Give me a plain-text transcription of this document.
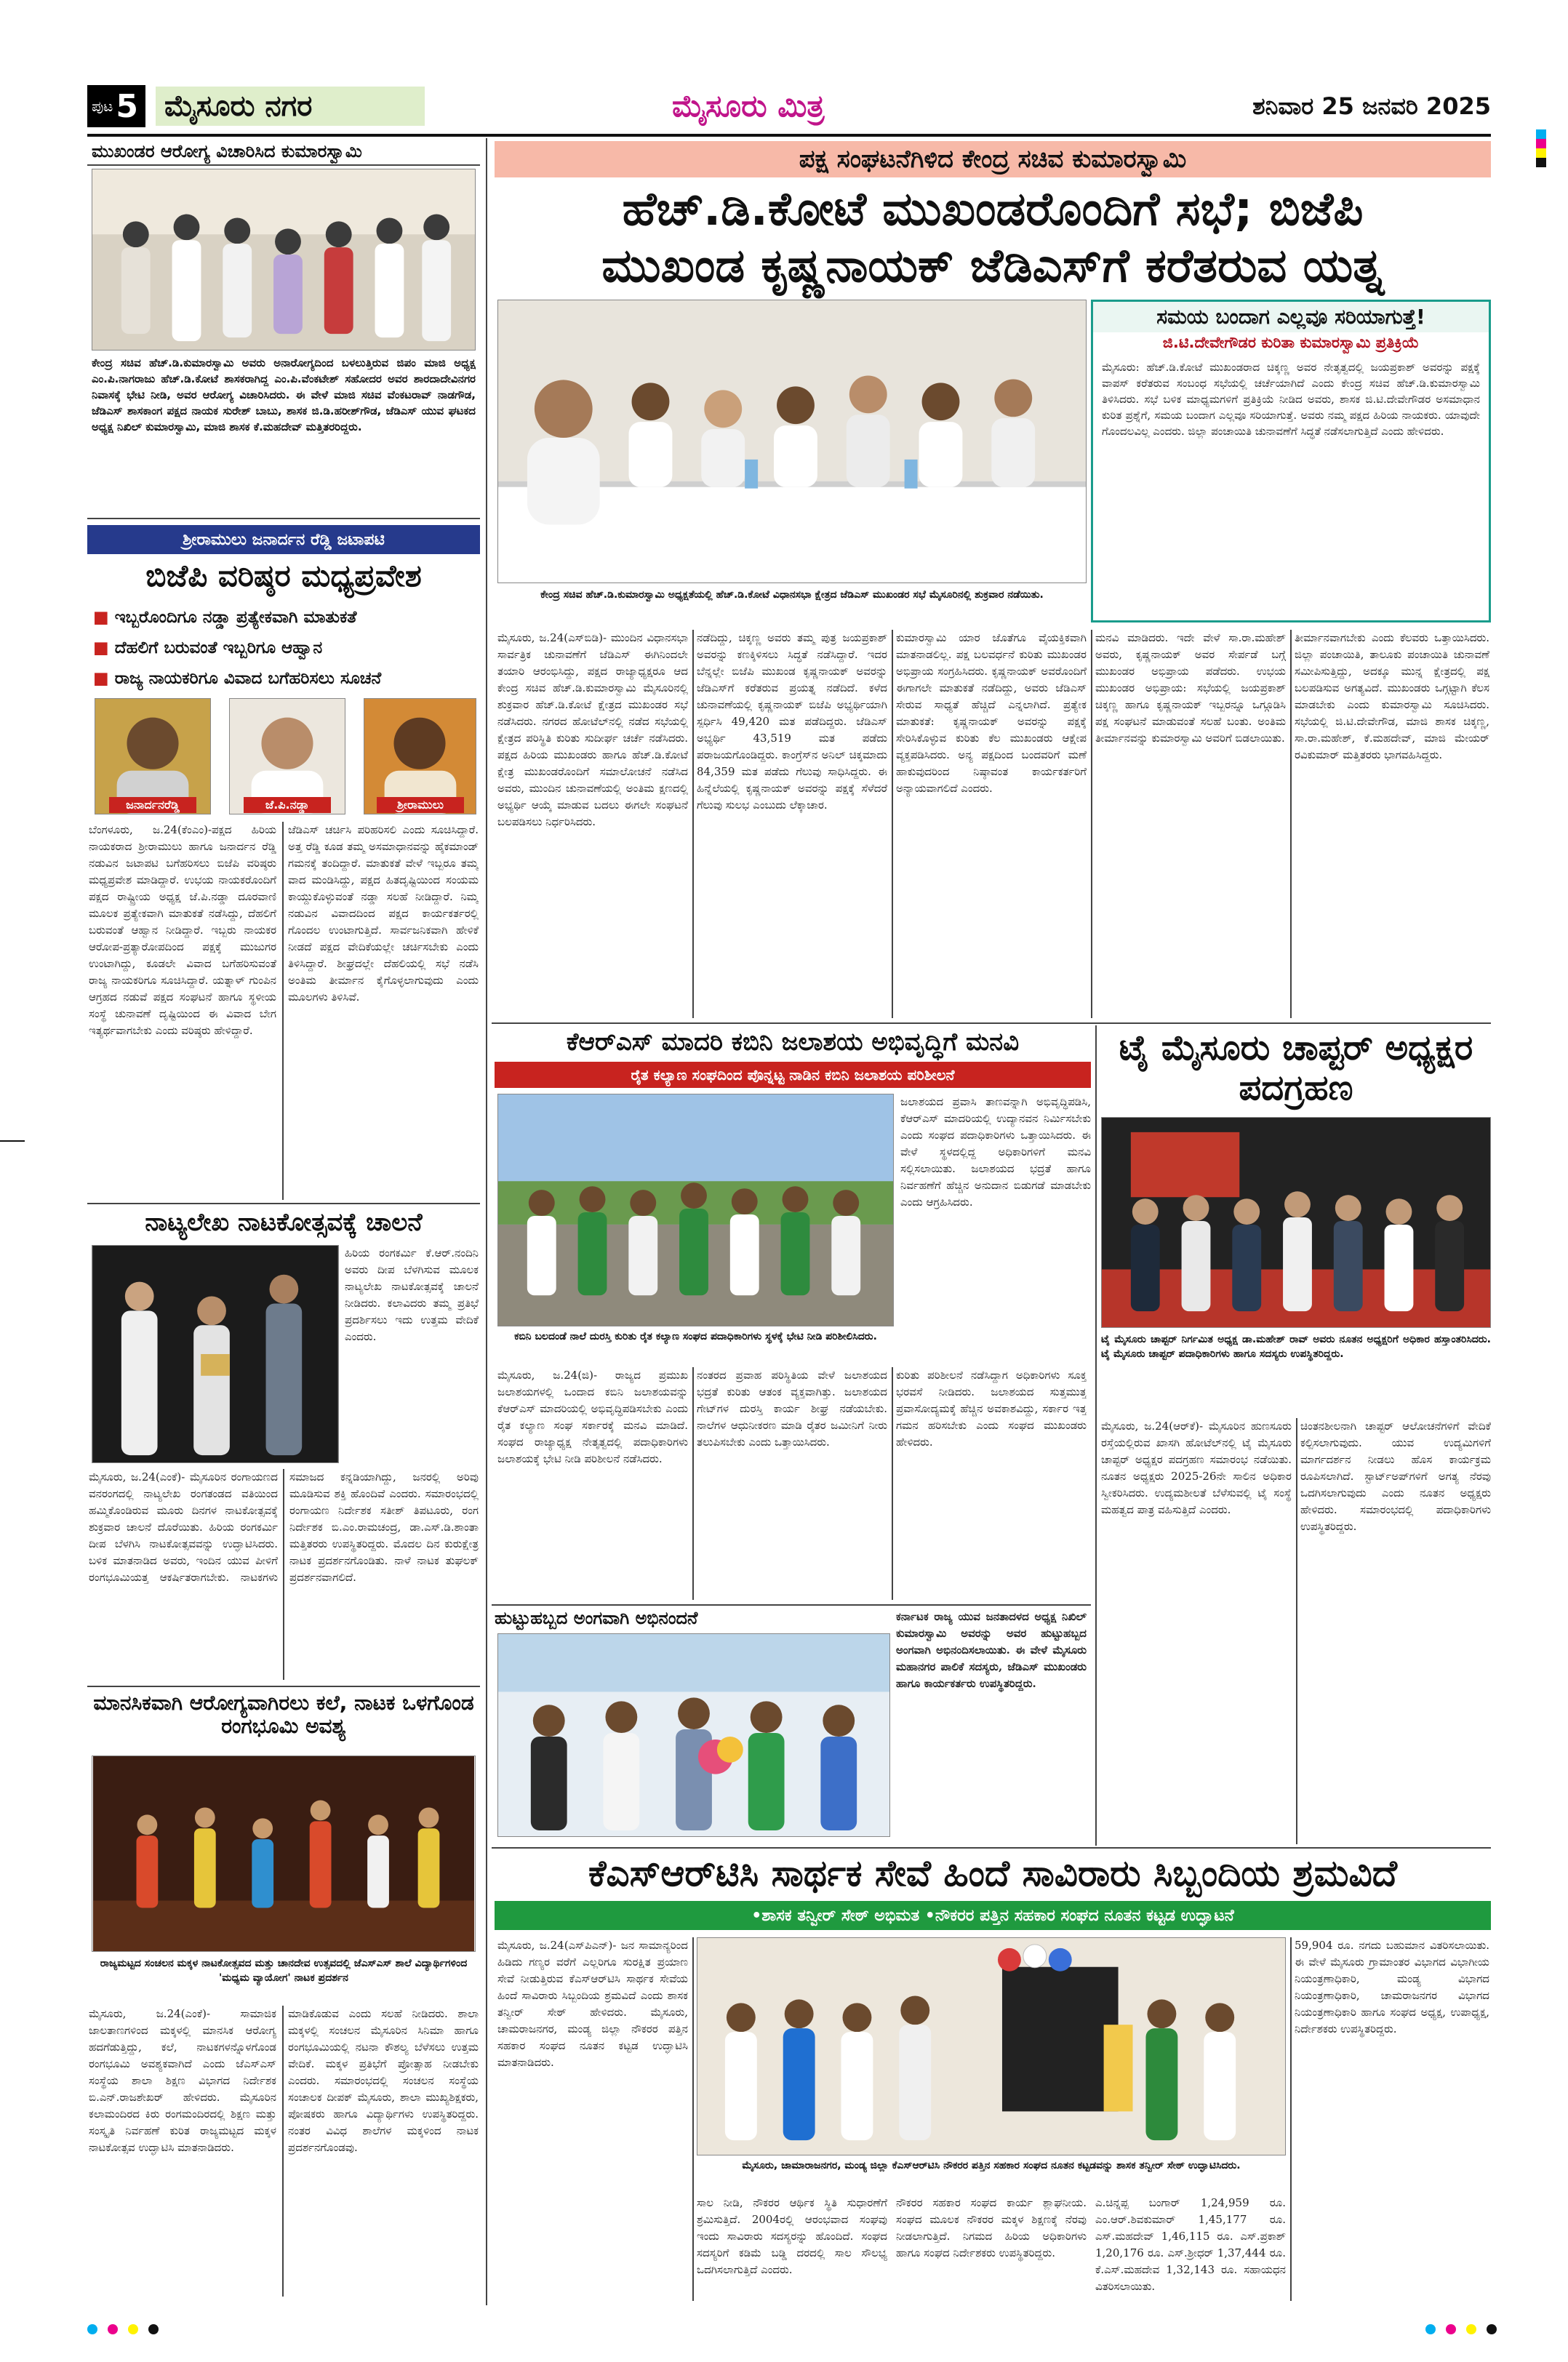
ಪುಟ 5 ಮೈಸೂರು ನಗರ	ಮೈಸೂರು ಮಿತ್ರ	ಶನಿವಾರ 25 ಜನವರಿ 2025
ಮುಖಂಡರ ಆರೋಗ್ಯ ವಿಚಾರಿಸಿದ ಕುಮಾರಸ್ವಾಮಿ
ಕೇಂದ್ರ ಸಚಿವ ಹೆಚ್.ಡಿ.ಕುಮಾರಸ್ವಾಮಿ ಅವರು ಅನಾರೋಗ್ಯದಿಂದ ಬಳಲುತ್ತಿರುವ ಜಿಪಂ ಮಾಜಿ ಅಧ್ಯಕ್ಷ ಎಂ.ಪಿ.ನಾಗರಾಜು ಹೆಚ್.ಡಿ.ಕೋಟೆ ಶಾಸಕರಾಗಿದ್ದ ಎಂ.ಪಿ.ವೆಂಕಟೇಶ್ ಸಹೋದರ ಅವರ ಶಾರದಾದೇವಿನಗರ ನಿವಾಸಕ್ಕೆ ಭೇಟಿ ನೀಡಿ, ಅವರ ಆರೋಗ್ಯ ವಿಚಾರಿಸಿದರು. ಈ ವೇಳೆ ಮಾಜಿ ಸಚಿವ ವೆಂಕಟರಾವ್ ನಾಡಗೌಡ, ಜೆಡಿಎಸ್ ಶಾಸಕಾಂಗ ಪಕ್ಷದ ನಾಯಕ ಸುರೇಶ್ ಬಾಬು, ಶಾಸಕ ಜಿ.ಡಿ.ಹರೀಶ್‌ಗೌಡ, ಜೆಡಿಎಸ್ ಯುವ ಘಟಕದ ಅಧ್ಯಕ್ಷ ನಿಖಿಲ್ ಕುಮಾರಸ್ವಾಮಿ, ಮಾಜಿ ಶಾಸಕ ಕೆ.ಮಹದೇವ್ ಮತ್ತಿತರರಿದ್ದರು.
ಶ್ರೀರಾಮುಲು ಜನಾರ್ದನ ರೆಡ್ಡಿ ಜಟಾಪಟಿ
ಬಿಜೆಪಿ ವರಿಷ್ಠರ ಮಧ್ಯಪ್ರವೇಶ
■ ಇಬ್ಬರೊಂದಿಗೂ ನಡ್ಡಾ ಪ್ರತ್ಯೇಕವಾಗಿ ಮಾತುಕತೆ
■ ದೆಹಲಿಗೆ ಬರುವಂತೆ ಇಬ್ಬರಿಗೂ ಆಹ್ವಾನ
■ ರಾಜ್ಯ ನಾಯಕರಿಗೂ ವಿವಾದ ಬಗೆಹರಿಸಲು ಸೂಚನೆ
ಜನಾರ್ದನರೆಡ್ಡಿ	ಜೆ.ಪಿ.ನಡ್ಡಾ	ಶ್ರೀರಾಮುಲು
ಬೆಂಗಳೂರು, ಜ.24(ಕೆಂಎಂ)-ಪಕ್ಷದ ಹಿರಿಯ ನಾಯಕರಾದ ಶ್ರೀರಾಮುಲು ಹಾಗೂ ಜನಾರ್ದನ ರೆಡ್ಡಿ ನಡುವಿನ ಜಟಾಪಟಿ ಬಗೆಹರಿಸಲು ಬಿಜೆಪಿ ವರಿಷ್ಠರು ಮಧ್ಯಪ್ರವೇಶ ಮಾಡಿದ್ದಾರೆ. ಉಭಯ ನಾಯಕರೊಂದಿಗೆ ಪಕ್ಷದ ರಾಷ್ಟ್ರೀಯ ಅಧ್ಯಕ್ಷ ಜೆ.ಪಿ.ನಡ್ಡಾ ದೂರವಾಣಿ ಮೂಲಕ ಪ್ರತ್ಯೇಕವಾಗಿ ಮಾತುಕತೆ ನಡೆಸಿದ್ದು, ದೆಹಲಿಗೆ ಬರುವಂತೆ ಆಹ್ವಾನ ನೀಡಿದ್ದಾರೆ. ಇಬ್ಬರು ನಾಯಕರ ಆರೋಪ-ಪ್ರತ್ಯಾರೋಪದಿಂದ ಪಕ್ಷಕ್ಕೆ ಮುಜುಗರ ಉಂಟಾಗಿದ್ದು, ಕೂಡಲೇ ವಿವಾದ ಬಗೆಹರಿಸುವಂತೆ ರಾಜ್ಯ ನಾಯಕರಿಗೂ ಸೂಚಿಸಿದ್ದಾರೆ. ಯತ್ನಾಳ್ ಗುಂಪಿನ ಆಗ್ರಹದ ನಡುವೆ ಪಕ್ಷದ ಸಂಘಟನೆ ಹಾಗೂ ಸ್ಥಳೀಯ ಸಂಸ್ಥೆ ಚುನಾವಣೆ ದೃಷ್ಟಿಯಿಂದ ಈ ವಿವಾದ ಬೇಗ ಇತ್ಯರ್ಥವಾಗಬೇಕು ಎಂದು ವರಿಷ್ಠರು ಹೇಳಿದ್ದಾರೆ.
ಜೆಡಿಎಸ್ ಚರ್ಚಿಸಿ ಪರಿಹರಿಸಲಿ ಎಂದು ಸೂಚಿಸಿದ್ದಾರೆ. ಅತ್ತ ರೆಡ್ಡಿ ಕೂಡ ತಮ್ಮ ಅಸಮಾಧಾನವನ್ನು ಹೈಕಮಾಂಡ್ ಗಮನಕ್ಕೆ ತಂದಿದ್ದಾರೆ. ಮಾತುಕತೆ ವೇಳೆ ಇಬ್ಬರೂ ತಮ್ಮ ವಾದ ಮಂಡಿಸಿದ್ದು, ಪಕ್ಷದ ಹಿತದೃಷ್ಟಿಯಿಂದ ಸಂಯಮ ಕಾಯ್ದುಕೊಳ್ಳುವಂತೆ ನಡ್ಡಾ ಸಲಹೆ ನೀಡಿದ್ದಾರೆ. ನಿಮ್ಮ ನಡುವಿನ ವಿವಾದದಿಂದ ಪಕ್ಷದ ಕಾರ್ಯಕರ್ತರಲ್ಲಿ ಗೊಂದಲ ಉಂಟಾಗುತ್ತಿದೆ. ಸಾರ್ವಜನಿಕವಾಗಿ ಹೇಳಿಕೆ ನೀಡದೆ ಪಕ್ಷದ ವೇದಿಕೆಯಲ್ಲೇ ಚರ್ಚಿಸಬೇಕು ಎಂದು ತಿಳಿಸಿದ್ದಾರೆ. ಶೀಘ್ರದಲ್ಲೇ ದೆಹಲಿಯಲ್ಲಿ ಸಭೆ ನಡೆಸಿ ಅಂತಿಮ ತೀರ್ಮಾನ ಕೈಗೊಳ್ಳಲಾಗುವುದು ಎಂದು ಮೂಲಗಳು ತಿಳಿಸಿವೆ.
ನಾಟ್ಯಲೇಖ ನಾಟಕೋತ್ಸವಕ್ಕೆ ಚಾಲನೆ
ಹಿರಿಯ ರಂಗಕರ್ಮಿ ಕೆ.ಆರ್.ನಂದಿನಿ ಅವರು ದೀಪ ಬೆಳಗಿಸುವ ಮೂಲಕ ನಾಟ್ಯಲೇಖ ನಾಟಕೋತ್ಸವಕ್ಕೆ ಚಾಲನೆ ನೀಡಿದರು. ಕಲಾವಿದರು ತಮ್ಮ ಪ್ರತಿಭೆ ಪ್ರದರ್ಶಿಸಲು ಇದು ಉತ್ತಮ ವೇದಿಕೆ ಎಂದರು.
ಮೈಸೂರು, ಜ.24(ಎಂಕೆ)- ಮೈಸೂರಿನ ರಂಗಾಯಣದ ವನರಂಗದಲ್ಲಿ ನಾಟ್ಯಲೇಖ ರಂಗತಂಡದ ವತಿಯಿಂದ ಹಮ್ಮಿಕೊಂಡಿರುವ ಮೂರು ದಿನಗಳ ನಾಟಕೋತ್ಸವಕ್ಕೆ ಶುಕ್ರವಾರ ಚಾಲನೆ ದೊರೆಯಿತು. ಹಿರಿಯ ರಂಗಕರ್ಮಿ ದೀಪ ಬೆಳಗಿಸಿ ನಾಟಕೋತ್ಸವವನ್ನು ಉದ್ಘಾಟಿಸಿದರು. ಬಳಿಕ ಮಾತನಾಡಿದ ಅವರು, ಇಂದಿನ ಯುವ ಪೀಳಿಗೆ ರಂಗಭೂಮಿಯತ್ತ ಆಕರ್ಷಿತರಾಗಬೇಕು. ನಾಟಕಗಳು ಸಮಾಜದ ಕನ್ನಡಿಯಾಗಿದ್ದು, ಜನರಲ್ಲಿ ಅರಿವು ಮೂಡಿಸುವ ಶಕ್ತಿ ಹೊಂದಿವೆ ಎಂದರು. ಸಮಾರಂಭದಲ್ಲಿ ರಂಗಾಯಣ ನಿರ್ದೇಶಕ ಸತೀಶ್ ತಿಪಟೂರು, ರಂಗ ನಿರ್ದೇಶಕ ಬಿ.ಎಂ.ರಾಮಚಂದ್ರ, ಡಾ.ಎಸ್.ಡಿ.ಶಾಂತಾ ಮತ್ತಿತರರು ಉಪಸ್ಥಿತರಿದ್ದರು. ಮೊದಲ ದಿನ ಕುರುಕ್ಷೇತ್ರ ನಾಟಕ ಪ್ರದರ್ಶನಗೊಂಡಿತು. ನಾಳೆ ನಾಟಕ ತುಘಲಕ್ ಪ್ರದರ್ಶನವಾಗಲಿದೆ.
ಮಾನಸಿಕವಾಗಿ ಆರೋಗ್ಯವಾಗಿರಲು ಕಲೆ, ನಾಟಕ ಒಳಗೊಂಡ ರಂಗಭೂಮಿ ಅವಶ್ಯ
ರಾಜ್ಯಮಟ್ಟದ ಸಂಚಲನ ಮಕ್ಕಳ ನಾಟಕೋತ್ಸವದ ಮತ್ತು ಚಾನದೇವ ಉತ್ಸವದಲ್ಲಿ ಜೆಎಸ್ಎಸ್ ಶಾಲೆ ವಿದ್ಯಾರ್ಥಿಗಳಿಂದ 'ಮಧ್ಯಮ ವ್ಯಾಯೋಗ' ನಾಟಕ ಪ್ರದರ್ಶನ
ಮೈಸೂರು, ಜ.24(ಎಂಕೆ)- ಸಾಮಾಜಿಕ ಜಾಲತಾಣಗಳಿಂದ ಮಕ್ಕಳಲ್ಲಿ ಮಾನಸಿಕ ಆರೋಗ್ಯ ಹದಗೆಡುತ್ತಿದ್ದು, ಕಲೆ, ನಾಟಕಗಳನ್ನೊಳಗೊಂಡ ರಂಗಭೂಮಿ ಅವಶ್ಯಕವಾಗಿದೆ ಎಂದು ಜೆಎಸ್ಎಸ್ ಸಂಸ್ಥೆಯ ಶಾಲಾ ಶಿಕ್ಷಣ ವಿಭಾಗದ ನಿರ್ದೇಶಕ ಬಿ.ಎನ್.ರಾಜಶೇಖರ್ ಹೇಳಿದರು. ಮೈಸೂರಿನ ಕಲಾಮಂದಿರದ ಕಿರು ರಂಗಮಂದಿರದಲ್ಲಿ ಶಿಕ್ಷಣ ಮತ್ತು ಸಂಸ್ಕೃತಿ ನಿರ್ವಹಣೆ ಕುರಿತ ರಾಜ್ಯಮಟ್ಟದ ಮಕ್ಕಳ ನಾಟಕೋತ್ಸವ ಉದ್ಘಾಟಿಸಿ ಮಾತನಾಡಿದರು.
ಮಾಡಿಕೊಡುವ ಎಂದು ಸಲಹೆ ನೀಡಿದರು. ಶಾಲಾ ಮಕ್ಕಳಲ್ಲಿ ಸಂಚಲನ ಮೈಸೂರಿನ ಸಿನಿಮಾ ಹಾಗೂ ರಂಗಭೂಮಿಯಲ್ಲಿ ನಟನಾ ಕೌಶಲ್ಯ ಬೆಳೆಸಲು ಉತ್ತಮ ವೇದಿಕೆ. ಮಕ್ಕಳ ಪ್ರತಿಭೆಗೆ ಪ್ರೋತ್ಸಾಹ ನೀಡಬೇಕು ಎಂದರು. ಸಮಾರಂಭದಲ್ಲಿ ಸಂಚಲನ ಸಂಸ್ಥೆಯ ಸಂಚಾಲಕ ದೀಪಕ್ ಮೈಸೂರು, ಶಾಲಾ ಮುಖ್ಯಶಿಕ್ಷಕರು, ಪೋಷಕರು ಹಾಗೂ ವಿದ್ಯಾರ್ಥಿಗಳು ಉಪಸ್ಥಿತರಿದ್ದರು. ನಂತರ ವಿವಿಧ ಶಾಲೆಗಳ ಮಕ್ಕಳಿಂದ ನಾಟಕ ಪ್ರದರ್ಶನಗೊಂಡವು.
ಪಕ್ಷ ಸಂಘಟನೆಗಿಳಿದ ಕೇಂದ್ರ ಸಚಿವ ಕುಮಾರಸ್ವಾಮಿ
ಹೆಚ್.ಡಿ.ಕೋಟೆ ಮುಖಂಡರೊಂದಿಗೆ ಸಭೆ; ಬಿಜೆಪಿ
ಮುಖಂಡ ಕೃಷ್ಣನಾಯಕ್ ಜೆಡಿಎಸ್‌ಗೆ ಕರೆತರುವ ಯತ್ನ
ಕೇಂದ್ರ ಸಚಿವ ಹೆಚ್.ಡಿ.ಕುಮಾರಸ್ವಾಮಿ ಅಧ್ಯಕ್ಷತೆಯಲ್ಲಿ ಹೆಚ್.ಡಿ.ಕೋಟೆ ವಿಧಾನಸಭಾ ಕ್ಷೇತ್ರದ ಜೆಡಿಎಸ್ ಮುಖಂಡರ ಸಭೆ ಮೈಸೂರಿನಲ್ಲಿ ಶುಕ್ರವಾರ ನಡೆಯಿತು.
ಸಮಯ ಬಂದಾಗ ಎಲ್ಲವೂ ಸರಿಯಾಗುತ್ತೆ!
ಜಿ.ಟಿ.ದೇವೇಗೌಡರ ಕುರಿತಾ ಕುಮಾರಸ್ವಾಮಿ ಪ್ರತಿಕ್ರಿಯೆ
ಮೈಸೂರು: ಹೆಚ್.ಡಿ.ಕೋಟೆ ಮುಖಂಡರಾದ ಚಿಕ್ಕಣ್ಣ ಅವರ ನೇತೃತ್ವದಲ್ಲಿ ಜಯಪ್ರಕಾಶ್ ಅವರನ್ನು ಪಕ್ಷಕ್ಕೆ ವಾಪಸ್ ಕರೆತರುವ ಸಂಬಂಧ ಸಭೆಯಲ್ಲಿ ಚರ್ಚೆಯಾಗಿದೆ ಎಂದು ಕೇಂದ್ರ ಸಚಿವ ಹೆಚ್.ಡಿ.ಕುಮಾರಸ್ವಾಮಿ ತಿಳಿಸಿದರು. ಸಭೆ ಬಳಿಕ ಮಾಧ್ಯಮಗಳಿಗೆ ಪ್ರತಿಕ್ರಿಯೆ ನೀಡಿದ ಅವರು, ಶಾಸಕ ಜಿ.ಟಿ.ದೇವೇಗೌಡರ ಅಸಮಾಧಾನ ಕುರಿತ ಪ್ರಶ್ನೆಗೆ, ಸಮಯ ಬಂದಾಗ ಎಲ್ಲವೂ ಸರಿಯಾಗುತ್ತೆ. ಅವರು ನಮ್ಮ ಪಕ್ಷದ ಹಿರಿಯ ನಾಯಕರು. ಯಾವುದೇ ಗೊಂದಲವಿಲ್ಲ ಎಂದರು. ಜಿಲ್ಲಾ ಪಂಚಾಯಿತಿ ಚುನಾವಣೆಗೆ ಸಿದ್ಧತೆ ನಡೆಸಲಾಗುತ್ತಿದೆ ಎಂದು ಹೇಳಿದರು.
ಮೈಸೂರು, ಜ.24(ಎಸ್‌ಬಿಡಿ)- ಮುಂದಿನ ವಿಧಾನಸಭಾ ಸಾರ್ವತ್ರಿಕ ಚುನಾವಣೆಗೆ ಜೆಡಿಎಸ್ ಈಗಿನಿಂದಲೇ ತಯಾರಿ ಆರಂಭಿಸಿದ್ದು, ಪಕ್ಷದ ರಾಜ್ಯಾಧ್ಯಕ್ಷರೂ ಆದ ಕೇಂದ್ರ ಸಚಿವ ಹೆಚ್.ಡಿ.ಕುಮಾರಸ್ವಾಮಿ ಮೈಸೂರಿನಲ್ಲಿ ಶುಕ್ರವಾರ ಹೆಚ್.ಡಿ.ಕೋಟೆ ಕ್ಷೇತ್ರದ ಮುಖಂಡರ ಸಭೆ ನಡೆಸಿದರು. ನಗರದ ಹೋಟೆಲ್‌ನಲ್ಲಿ ನಡೆದ ಸಭೆಯಲ್ಲಿ ಕ್ಷೇತ್ರದ ಪರಿಸ್ಥಿತಿ ಕುರಿತು ಸುದೀರ್ಘ ಚರ್ಚೆ ನಡೆಸಿದರು. ಪಕ್ಷದ ಹಿರಿಯ ಮುಖಂಡರು ಹಾಗೂ ಹೆಚ್.ಡಿ.ಕೋಟೆ ಕ್ಷೇತ್ರ ಮುಖಂಡರೊಂದಿಗೆ ಸಮಾಲೋಚನೆ ನಡೆಸಿದ ಅವರು, ಮುಂದಿನ ಚುನಾವಣೆಯಲ್ಲಿ ಅಂತಿಮ ಕ್ಷಣದಲ್ಲಿ ಅಭ್ಯರ್ಥಿ ಆಯ್ಕೆ ಮಾಡುವ ಬದಲು ಈಗಲೇ ಸಂಘಟನೆ ಬಲಪಡಿಸಲು ನಿರ್ಧರಿಸಿದರು.
ನಡೆದಿದ್ದು, ಚಿಕ್ಕಣ್ಣ ಅವರು ತಮ್ಮ ಪುತ್ರ ಜಯಪ್ರಕಾಶ್ ಅವರನ್ನು ಕಣಕ್ಕಿಳಿಸಲು ಸಿದ್ಧತೆ ನಡೆಸಿದ್ದಾರೆ. ಇದರ ಬೆನ್ನಲ್ಲೇ ಬಿಜೆಪಿ ಮುಖಂಡ ಕೃಷ್ಣನಾಯಕ್ ಅವರನ್ನು ಜೆಡಿಎಸ್‌ಗೆ ಕರೆತರುವ ಪ್ರಯತ್ನ ನಡೆದಿದೆ. ಕಳೆದ ಚುನಾವಣೆಯಲ್ಲಿ ಕೃಷ್ಣನಾಯಕ್ ಬಿಜೆಪಿ ಅಭ್ಯರ್ಥಿಯಾಗಿ ಸ್ಪರ್ಧಿಸಿ 49,420 ಮತ ಪಡೆದಿದ್ದರು. ಜೆಡಿಎಸ್ ಅಭ್ಯರ್ಥಿ 43,519 ಮತ ಪಡೆದು ಪರಾಜಯಗೊಂಡಿದ್ದರು. ಕಾಂಗ್ರೆಸ್‌ನ ಅನಿಲ್ ಚಿಕ್ಕಮಾದು 84,359 ಮತ ಪಡೆದು ಗೆಲುವು ಸಾಧಿಸಿದ್ದರು. ಈ ಹಿನ್ನೆಲೆಯಲ್ಲಿ ಕೃಷ್ಣನಾಯಕ್ ಅವರನ್ನು ಪಕ್ಷಕ್ಕೆ ಸೆಳೆದರೆ ಗೆಲುವು ಸುಲಭ ಎಂಬುದು ಲೆಕ್ಕಾಚಾರ.
ಕುಮಾರಸ್ವಾಮಿ ಯಾರ ಜೊತೆಗೂ ವೈಯಕ್ತಿಕವಾಗಿ ಮಾತನಾಡಲಿಲ್ಲ. ಪಕ್ಷ ಬಲವರ್ಧನೆ ಕುರಿತು ಮುಖಂಡರ ಅಭಿಪ್ರಾಯ ಸಂಗ್ರಹಿಸಿದರು. ಕೃಷ್ಣನಾಯಕ್ ಅವರೊಂದಿಗೆ ಈಗಾಗಲೇ ಮಾತುಕತೆ ನಡೆದಿದ್ದು, ಅವರು ಜೆಡಿಎಸ್ ಸೇರುವ ಸಾಧ್ಯತೆ ಹೆಚ್ಚಿದೆ ಎನ್ನಲಾಗಿದೆ. ಪ್ರತ್ಯೇಕ ಮಾತುಕತೆ: ಕೃಷ್ಣನಾಯಕ್ ಅವರನ್ನು ಪಕ್ಷಕ್ಕೆ ಸೇರಿಸಿಕೊಳ್ಳುವ ಕುರಿತು ಕೆಲ ಮುಖಂಡರು ಆಕ್ಷೇಪ ವ್ಯಕ್ತಪಡಿಸಿದರು. ಅನ್ಯ ಪಕ್ಷದಿಂದ ಬಂದವರಿಗೆ ಮಣೆ ಹಾಕುವುದರಿಂದ ನಿಷ್ಠಾವಂತ ಕಾರ್ಯಕರ್ತರಿಗೆ ಅನ್ಯಾಯವಾಗಲಿದೆ ಎಂದರು.
ಮನವಿ ಮಾಡಿದರು. ಇದೇ ವೇಳೆ ಸಾ.ರಾ.ಮಹೇಶ್ ಅವರು, ಕೃಷ್ಣನಾಯಕ್ ಅವರ ಸೇರ್ಪಡೆ ಬಗ್ಗೆ ಮುಖಂಡರ ಅಭಿಪ್ರಾಯ ಪಡೆದರು. ಉಭಯ ಮುಖಂಡರ ಅಭಿಪ್ರಾಯ: ಸಭೆಯಲ್ಲಿ ಜಯಪ್ರಕಾಶ್ ಚಿಕ್ಕಣ್ಣ ಹಾಗೂ ಕೃಷ್ಣನಾಯಕ್ ಇಬ್ಬರನ್ನೂ ಒಗ್ಗೂಡಿಸಿ ಪಕ್ಷ ಸಂಘಟನೆ ಮಾಡುವಂತೆ ಸಲಹೆ ಬಂತು. ಅಂತಿಮ ತೀರ್ಮಾನವನ್ನು ಕುಮಾರಸ್ವಾಮಿ ಅವರಿಗೆ ಬಿಡಲಾಯಿತು.
ತೀರ್ಮಾನವಾಗಬೇಕು ಎಂದು ಕೆಲವರು ಒತ್ತಾಯಿಸಿದರು. ಜಿಲ್ಲಾ ಪಂಚಾಯಿತಿ, ತಾಲೂಕು ಪಂಚಾಯಿತಿ ಚುನಾವಣೆ ಸಮೀಪಿಸುತ್ತಿದ್ದು, ಅದಕ್ಕೂ ಮುನ್ನ ಕ್ಷೇತ್ರದಲ್ಲಿ ಪಕ್ಷ ಬಲಪಡಿಸುವ ಅಗತ್ಯವಿದೆ. ಮುಖಂಡರು ಒಗ್ಗಟ್ಟಾಗಿ ಕೆಲಸ ಮಾಡಬೇಕು ಎಂದು ಕುಮಾರಸ್ವಾಮಿ ಸೂಚಿಸಿದರು. ಸಭೆಯಲ್ಲಿ ಜಿ.ಟಿ.ದೇವೇಗೌಡ, ಮಾಜಿ ಶಾಸಕ ಚಿಕ್ಕಣ್ಣ, ಸಾ.ರಾ.ಮಹೇಶ್, ಕೆ.ಮಹದೇವ್, ಮಾಜಿ ಮೇಯರ್ ರವಿಕುಮಾರ್ ಮತ್ತಿತರರು ಭಾಗವಹಿಸಿದ್ದರು.
ಕೆಆರ್‌ಎಸ್ ಮಾದರಿ ಕಬಿನಿ ಜಲಾಶಯ ಅಭಿವೃದ್ಧಿಗೆ ಮನವಿ
ರೈತ ಕಲ್ಯಾಣ ಸಂಘದಿಂದ ಪೊನ್ನಟ್ಟ ನಾಡಿನ ಕಬಿನಿ ಜಲಾಶಯ ಪರಿಶೀಲನೆ
ಕಬಿನಿ ಬಲದಂಡೆ ನಾಲೆ ದುರಸ್ತಿ ಕುರಿತು ರೈತ ಕಲ್ಯಾಣ ಸಂಘದ ಪದಾಧಿಕಾರಿಗಳು ಸ್ಥಳಕ್ಕೆ ಭೇಟಿ ನೀಡಿ ಪರಿಶೀಲಿಸಿದರು.
ಜಲಾಶಯದ ಪ್ರವಾಸಿ ತಾಣವನ್ನಾಗಿ ಅಭಿವೃದ್ಧಿಪಡಿಸಿ, ಕೆಆರ್‌ಎಸ್ ಮಾದರಿಯಲ್ಲಿ ಉದ್ಯಾನವನ ನಿರ್ಮಿಸಬೇಕು ಎಂದು ಸಂಘದ ಪದಾಧಿಕಾರಿಗಳು ಒತ್ತಾಯಿಸಿದರು. ಈ ವೇಳೆ ಸ್ಥಳದಲ್ಲಿದ್ದ ಅಧಿಕಾರಿಗಳಿಗೆ ಮನವಿ ಸಲ್ಲಿಸಲಾಯಿತು. ಜಲಾಶಯದ ಭದ್ರತೆ ಹಾಗೂ ನಿರ್ವಹಣೆಗೆ ಹೆಚ್ಚಿನ ಅನುದಾನ ಬಿಡುಗಡೆ ಮಾಡಬೇಕು ಎಂದು ಆಗ್ರಹಿಸಿದರು.
ಮೈಸೂರು, ಜ.24(ಜಿ)- ರಾಜ್ಯದ ಪ್ರಮುಖ ಜಲಾಶಯಗಳಲ್ಲಿ ಒಂದಾದ ಕಬಿನಿ ಜಲಾಶಯವನ್ನು ಕೆಆರ್‌ಎಸ್ ಮಾದರಿಯಲ್ಲಿ ಅಭಿವೃದ್ಧಿಪಡಿಸಬೇಕು ಎಂದು ರೈತ ಕಲ್ಯಾಣ ಸಂಘ ಸರ್ಕಾರಕ್ಕೆ ಮನವಿ ಮಾಡಿದೆ. ಸಂಘದ ರಾಜ್ಯಾಧ್ಯಕ್ಷ ನೇತೃತ್ವದಲ್ಲಿ ಪದಾಧಿಕಾರಿಗಳು ಜಲಾಶಯಕ್ಕೆ ಭೇಟಿ ನೀಡಿ ಪರಿಶೀಲನೆ ನಡೆಸಿದರು.
ನಂತರದ ಪ್ರವಾಹ ಪರಿಸ್ಥಿತಿಯ ವೇಳೆ ಜಲಾಶಯದ ಭದ್ರತೆ ಕುರಿತು ಆತಂಕ ವ್ಯಕ್ತವಾಗಿತ್ತು. ಜಲಾಶಯದ ಗೇಟ್‌ಗಳ ದುರಸ್ತಿ ಕಾರ್ಯ ಶೀಘ್ರ ನಡೆಯಬೇಕು. ನಾಲೆಗಳ ಆಧುನೀಕರಣ ಮಾಡಿ ರೈತರ ಜಮೀನಿಗೆ ನೀರು ತಲುಪಿಸಬೇಕು ಎಂದು ಒತ್ತಾಯಿಸಿದರು.
ಕುರಿತು ಪರಿಶೀಲನೆ ನಡೆಸಿದ್ದಾಗ ಅಧಿಕಾರಿಗಳು ಸೂಕ್ತ ಭರವಸೆ ನೀಡಿದರು. ಜಲಾಶಯದ ಸುತ್ತಮುತ್ತ ಪ್ರವಾಸೋದ್ಯಮಕ್ಕೆ ಹೆಚ್ಚಿನ ಅವಕಾಶವಿದ್ದು, ಸರ್ಕಾರ ಇತ್ತ ಗಮನ ಹರಿಸಬೇಕು ಎಂದು ಸಂಘದ ಮುಖಂಡರು ಹೇಳಿದರು.
ಹುಟ್ಟುಹಬ್ಬದ ಅಂಗವಾಗಿ ಅಭಿನಂದನೆ	ಕರ್ನಾಟಕ ರಾಜ್ಯ ಯುವ ಜನತಾದಳದ ಅಧ್ಯಕ್ಷ ನಿಖಿಲ್ ಕುಮಾರಸ್ವಾಮಿ ಅವರನ್ನು ಅವರ ಹುಟ್ಟುಹಬ್ಬದ ಅಂಗವಾಗಿ ಅಭಿನಂದಿಸಲಾಯಿತು. ಈ ವೇಳೆ ಮೈಸೂರು ಮಹಾನಗರ ಪಾಲಿಕೆ ಸದಸ್ಯರು, ಜೆಡಿಎಸ್ ಮುಖಂಡರು ಹಾಗೂ ಕಾರ್ಯಕರ್ತರು ಉಪಸ್ಥಿತರಿದ್ದರು.
ಟೈ ಮೈಸೂರು ಚಾಪ್ಟರ್ ಅಧ್ಯಕ್ಷರ ಪದಗ್ರಹಣ
ಟೈ ಮೈಸೂರು ಚಾಪ್ಟರ್ ನಿರ್ಗಮಿತ ಅಧ್ಯಕ್ಷ ಡಾ.ಮಹೇಶ್ ರಾವ್ ಅವರು ನೂತನ ಅಧ್ಯಕ್ಷರಿಗೆ ಅಧಿಕಾರ ಹಸ್ತಾಂತರಿಸಿದರು. ಟೈ ಮೈಸೂರು ಚಾಪ್ಟರ್ ಪದಾಧಿಕಾರಿಗಳು ಹಾಗೂ ಸದಸ್ಯರು ಉಪಸ್ಥಿತರಿದ್ದರು.
ಮೈಸೂರು, ಜ.24(ಆರ್‌ಕೆ)- ಮೈಸೂರಿನ ಹುಣಸೂರು ರಸ್ತೆಯಲ್ಲಿರುವ ಖಾಸಗಿ ಹೋಟೆಲ್‌ನಲ್ಲಿ ಟೈ ಮೈಸೂರು ಚಾಪ್ಟರ್ ಅಧ್ಯಕ್ಷರ ಪದಗ್ರಹಣ ಸಮಾರಂಭ ನಡೆಯಿತು. ನೂತನ ಅಧ್ಯಕ್ಷರು 2025-26ನೇ ಸಾಲಿನ ಅಧಿಕಾರ ಸ್ವೀಕರಿಸಿದರು. ಉದ್ಯಮಶೀಲತೆ ಬೆಳೆಸುವಲ್ಲಿ ಟೈ ಸಂಸ್ಥೆ ಮಹತ್ವದ ಪಾತ್ರ ವಹಿಸುತ್ತಿದೆ ಎಂದರು.
ಚಿಂತನಶೀಲನಾಗಿ ಚಾಪ್ಟರ್ ಆಲೋಚನೆಗಳಿಗೆ ವೇದಿಕೆ ಕಲ್ಪಿಸಲಾಗುವುದು. ಯುವ ಉದ್ಯಮಿಗಳಿಗೆ ಮಾರ್ಗದರ್ಶನ ನೀಡಲು ಹೊಸ ಕಾರ್ಯಕ್ರಮ ರೂಪಿಸಲಾಗಿದೆ. ಸ್ಟಾರ್ಟ್‌ಅಪ್‌ಗಳಿಗೆ ಅಗತ್ಯ ನೆರವು ಒದಗಿಸಲಾಗುವುದು ಎಂದು ನೂತನ ಅಧ್ಯಕ್ಷರು ಹೇಳಿದರು. ಸಮಾರಂಭದಲ್ಲಿ ಪದಾಧಿಕಾರಿಗಳು ಉಪಸ್ಥಿತರಿದ್ದರು.
ಕೆಎಸ್‌ಆರ್‌ಟಿಸಿ ಸಾರ್ಥಕ ಸೇವೆ ಹಿಂದೆ ಸಾವಿರಾರು ಸಿಬ್ಬಂದಿಯ ಶ್ರಮವಿದೆ
•ಶಾಸಕ ತನ್ವೀರ್ ಸೇಠ್ ಅಭಿಮತ •ನೌಕರರ ಪತ್ತಿನ ಸಹಕಾರ ಸಂಘದ ನೂತನ ಕಟ್ಟಡ ಉದ್ಘಾಟನೆ
ಮೈಸೂರು, ಜ.24(ಎಸ್‌ಪಿಎನ್)- ಜನ ಸಾಮಾನ್ಯರಿಂದ ಹಿಡಿದು ಗಣ್ಯರ ವರೆಗೆ ಎಲ್ಲರಿಗೂ ಸುರಕ್ಷಿತ ಪ್ರಯಾಣ ಸೇವೆ ನೀಡುತ್ತಿರುವ ಕೆಎಸ್‌ಆರ್‌ಟಿಸಿ ಸಾರ್ಥಕ ಸೇವೆಯ ಹಿಂದೆ ಸಾವಿರಾರು ಸಿಬ್ಬಂದಿಯ ಶ್ರಮವಿದೆ ಎಂದು ಶಾಸಕ ತನ್ವೀರ್ ಸೇಠ್ ಹೇಳಿದರು. ಮೈಸೂರು, ಚಾಮರಾಜನಗರ, ಮಂಡ್ಯ ಜಿಲ್ಲಾ ನೌಕರರ ಪತ್ತಿನ ಸಹಕಾರ ಸಂಘದ ನೂತನ ಕಟ್ಟಡ ಉದ್ಘಾಟಿಸಿ ಮಾತನಾಡಿದರು.
ಮೈಸೂರು, ಜಾಮಾರಾಜನಗರ, ಮಂಡ್ಯ ಜಿಲ್ಲಾ ಕೆಎಸ್‌ಆರ್‌ಟಿಸಿ ನೌಕರರ ಪತ್ತಿನ ಸಹಕಾರ ಸಂಘದ ನೂತನ ಕಟ್ಟಡವನ್ನು ಶಾಸಕ ತನ್ವೀರ್ ಸೇಠ್ ಉದ್ಘಾಟಿಸಿದರು.
ಸಾಲ ನೀಡಿ, ನೌಕರರ ಆರ್ಥಿಕ ಸ್ಥಿತಿ ಸುಧಾರಣೆಗೆ ಶ್ರಮಿಸುತ್ತಿದೆ. 2004ರಲ್ಲಿ ಆರಂಭವಾದ ಸಂಘವು ಇಂದು ಸಾವಿರಾರು ಸದಸ್ಯರನ್ನು ಹೊಂದಿದೆ. ಸಂಘದ ಸದಸ್ಯರಿಗೆ ಕಡಿಮೆ ಬಡ್ಡಿ ದರದಲ್ಲಿ ಸಾಲ ಸೌಲಭ್ಯ ಒದಗಿಸಲಾಗುತ್ತಿದೆ ಎಂದರು.
ನೌಕರರ ಸಹಕಾರ ಸಂಘದ ಕಾರ್ಯ ಶ್ಲಾಘನೀಯ. ಸಂಘದ ಮೂಲಕ ನೌಕರರ ಮಕ್ಕಳ ಶಿಕ್ಷಣಕ್ಕೆ ನೆರವು ನೀಡಲಾಗುತ್ತಿದೆ. ನಿಗಮದ ಹಿರಿಯ ಅಧಿಕಾರಿಗಳು ಹಾಗೂ ಸಂಘದ ನಿರ್ದೇಶಕರು ಉಪಸ್ಥಿತರಿದ್ದರು.
ಎ.ಚಿನ್ನಪ್ಪ ಬಂಗಾರ್ 1,24,959 ರೂ. ಎಂ.ಆರ್.ಶಿವಕುಮಾರ್ 1,45,177 ರೂ. ಎಸ್.ಮಹದೇವ್ 1,46,115 ರೂ. ಎಸ್.ಪ್ರಕಾಶ್ 1,20,176 ರೂ. ಎಸ್.ಶ್ರೀಧರ್ 1,37,444 ರೂ. ಕೆ.ಎಸ್.ಮಹದೇವ 1,32,143 ರೂ. ಸಹಾಯಧನ ವಿತರಿಸಲಾಯಿತು.
59,904 ರೂ. ನಗದು ಬಹುಮಾನ ವಿತರಿಸಲಾಯಿತು. ಈ ವೇಳೆ ಮೈಸೂರು ಗ್ರಾಮಾಂತರ ವಿಭಾಗದ ವಿಭಾಗೀಯ ನಿಯಂತ್ರಣಾಧಿಕಾರಿ, ಮಂಡ್ಯ ವಿಭಾಗದ ನಿಯಂತ್ರಣಾಧಿಕಾರಿ, ಚಾಮರಾಜನಗರ ವಿಭಾಗದ ನಿಯಂತ್ರಣಾಧಿಕಾರಿ ಹಾಗೂ ಸಂಘದ ಅಧ್ಯಕ್ಷ, ಉಪಾಧ್ಯಕ್ಷ, ನಿರ್ದೇಶಕರು ಉಪಸ್ಥಿತರಿದ್ದರು.
